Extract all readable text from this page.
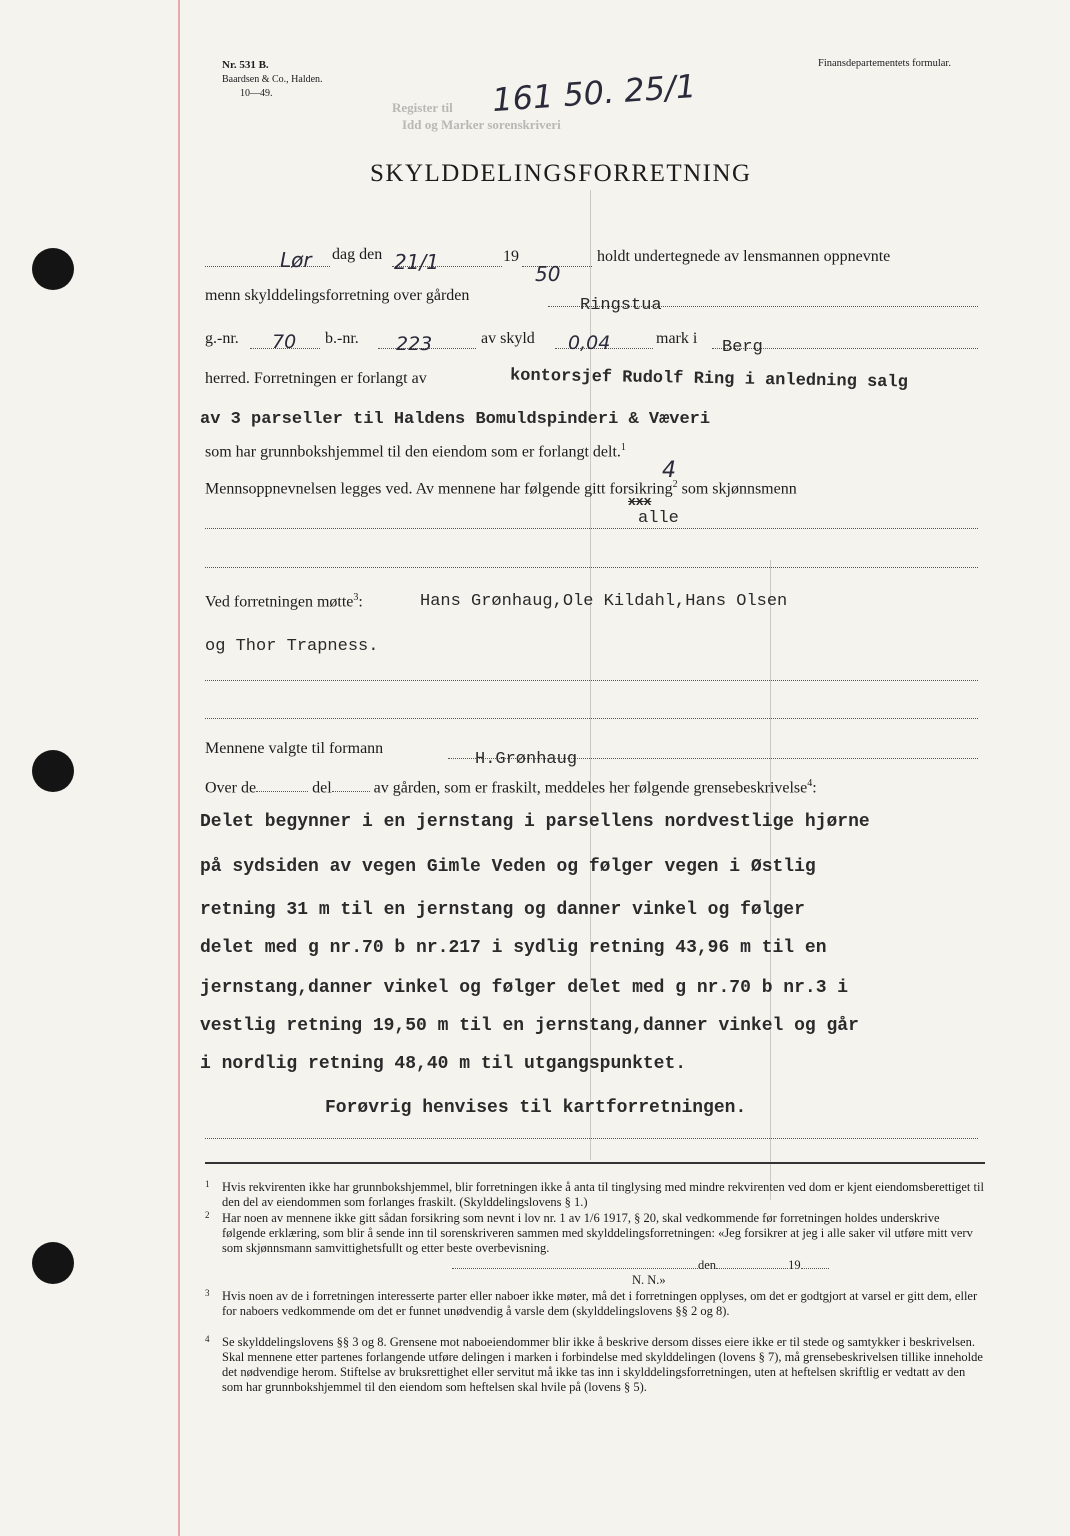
Nr. 531 B.
Baardsen & Co., Halden.
10—49.
Finansdepartementets formular.
Register til
Idd og Marker sorenskriveri
161 50. 25/1
SKYLDDELINGSFORRETNING
Lør dag den 21/1	19
50
holdt undertegnede av lensmannen oppnevnte
menn skylddelingsforretning over gården
Ringstua
g.-nr. 70 b.-nr. 223	av skyld 0,04	mark i Berg
herred. Forretningen er forlangt av	kontorsjef Rudolf Ring i anledning salg
av 3 parseller til Haldens Bomuldspinderi & Væveri
som har grunnbokshjemmel til den eiendom som er forlangt delt.$^1$
Mennsoppnevnelsen legges ved. Av mennene har følgende gitt forsikring$^2$ som skjønnsmenn
4
xxx
alle
Ved forretningen møtte$^3$:	Hans Grønhaug,Ole Kildahl,Hans Olsen
og Thor Trapness.
Mennene valgte til formann
H.Grønhaug
Over de	del	av gården, som er fraskilt, meddeles her følgende grensebeskrivelse$^4$:
Delet begynner i en jernstang i parsellens nordvestlige hjørne
på sydsiden av vegen Gimle Veden og følger vegen i Østlig
retning 31 m til en jernstang og danner vinkel og følger
delet med g nr.70 b nr.217 i sydlig retning 43,96 m til en
jernstang,danner vinkel og følger delet med g nr.70 b nr.3 i
vestlig retning 19,50 m til en jernstang,danner vinkel og går
i nordlig retning 48,40 m til utgangspunktet.
Forøvrig henvises til kartforretningen.
1 Hvis rekvirenten ikke har grunnbokshjemmel, blir forretningen ikke å anta til tinglysing med mindre rekvirenten ved dom er kjent eiendomsberettiget til den del av eiendommen som forlanges fraskilt. (Skylddelingslovens § 1.)
2 Har noen av mennene ikke gitt sådan forsikring som nevnt i lov nr. 1 av 1/6 1917, § 20, skal vedkommende før forretningen holdes underskrive følgende erklæring, som blir å sende inn til sorenskriveren sammen med skylddelingsforretningen: «Jeg forsikrer at jeg i alle saker vil utføre mitt verv som skjønnsmann samvittighetsfullt og etter beste overbevisning.
den	19
N. N.»
3 Hvis noen av de i forretningen interesserte parter eller naboer ikke møter, må det i forretningen opplyses, om det er godtgjort at varsel er gitt dem, eller for naboers vedkommende om det er funnet unødvendig å varsle dem (skylddelingslovens §§ 2 og 8).
4 Se skylddelingslovens §§ 3 og 8. Grensene mot naboeiendommer blir ikke å beskrive dersom disses eiere ikke er til stede og samtykker i beskrivelsen. Skal mennene etter partenes forlangende utføre delingen i marken i forbindelse med skylddelingen (lovens § 7), må grensebeskrivelsen tillike inneholde det nødvendige herom. Stiftelse av bruksrettighet eller servitut må ikke tas inn i skylddelingsforretningen, uten at heftelsen skriftlig er vedtatt av den som har grunnbokshjemmel til den eiendom som heftelsen skal hvile på (lovens § 5).
